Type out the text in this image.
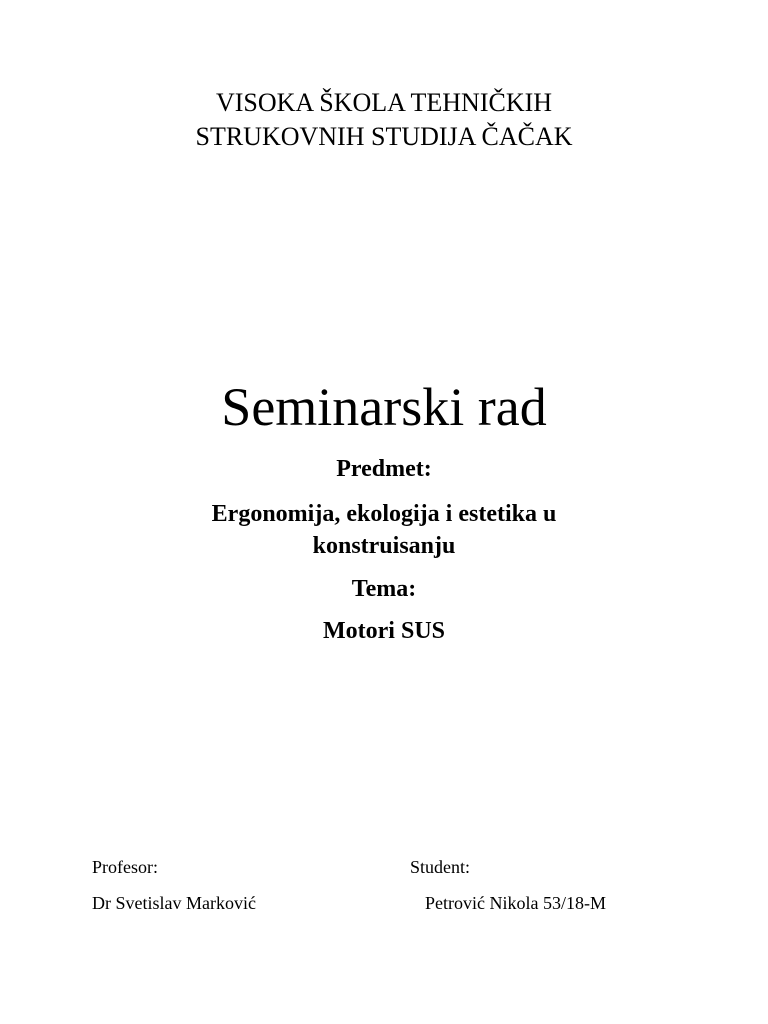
VISOKA ŠKOLA TEHNIČKIH
STRUKOVNIH STUDIJA ČAČAK
Seminarski rad
Predmet:
Ergonomija, ekologija i estetika u konstruisanju
Tema:
Motori SUS
Profesor:
Dr Svetislav Marković
Student:
Petrović Nikola 53/18-M
